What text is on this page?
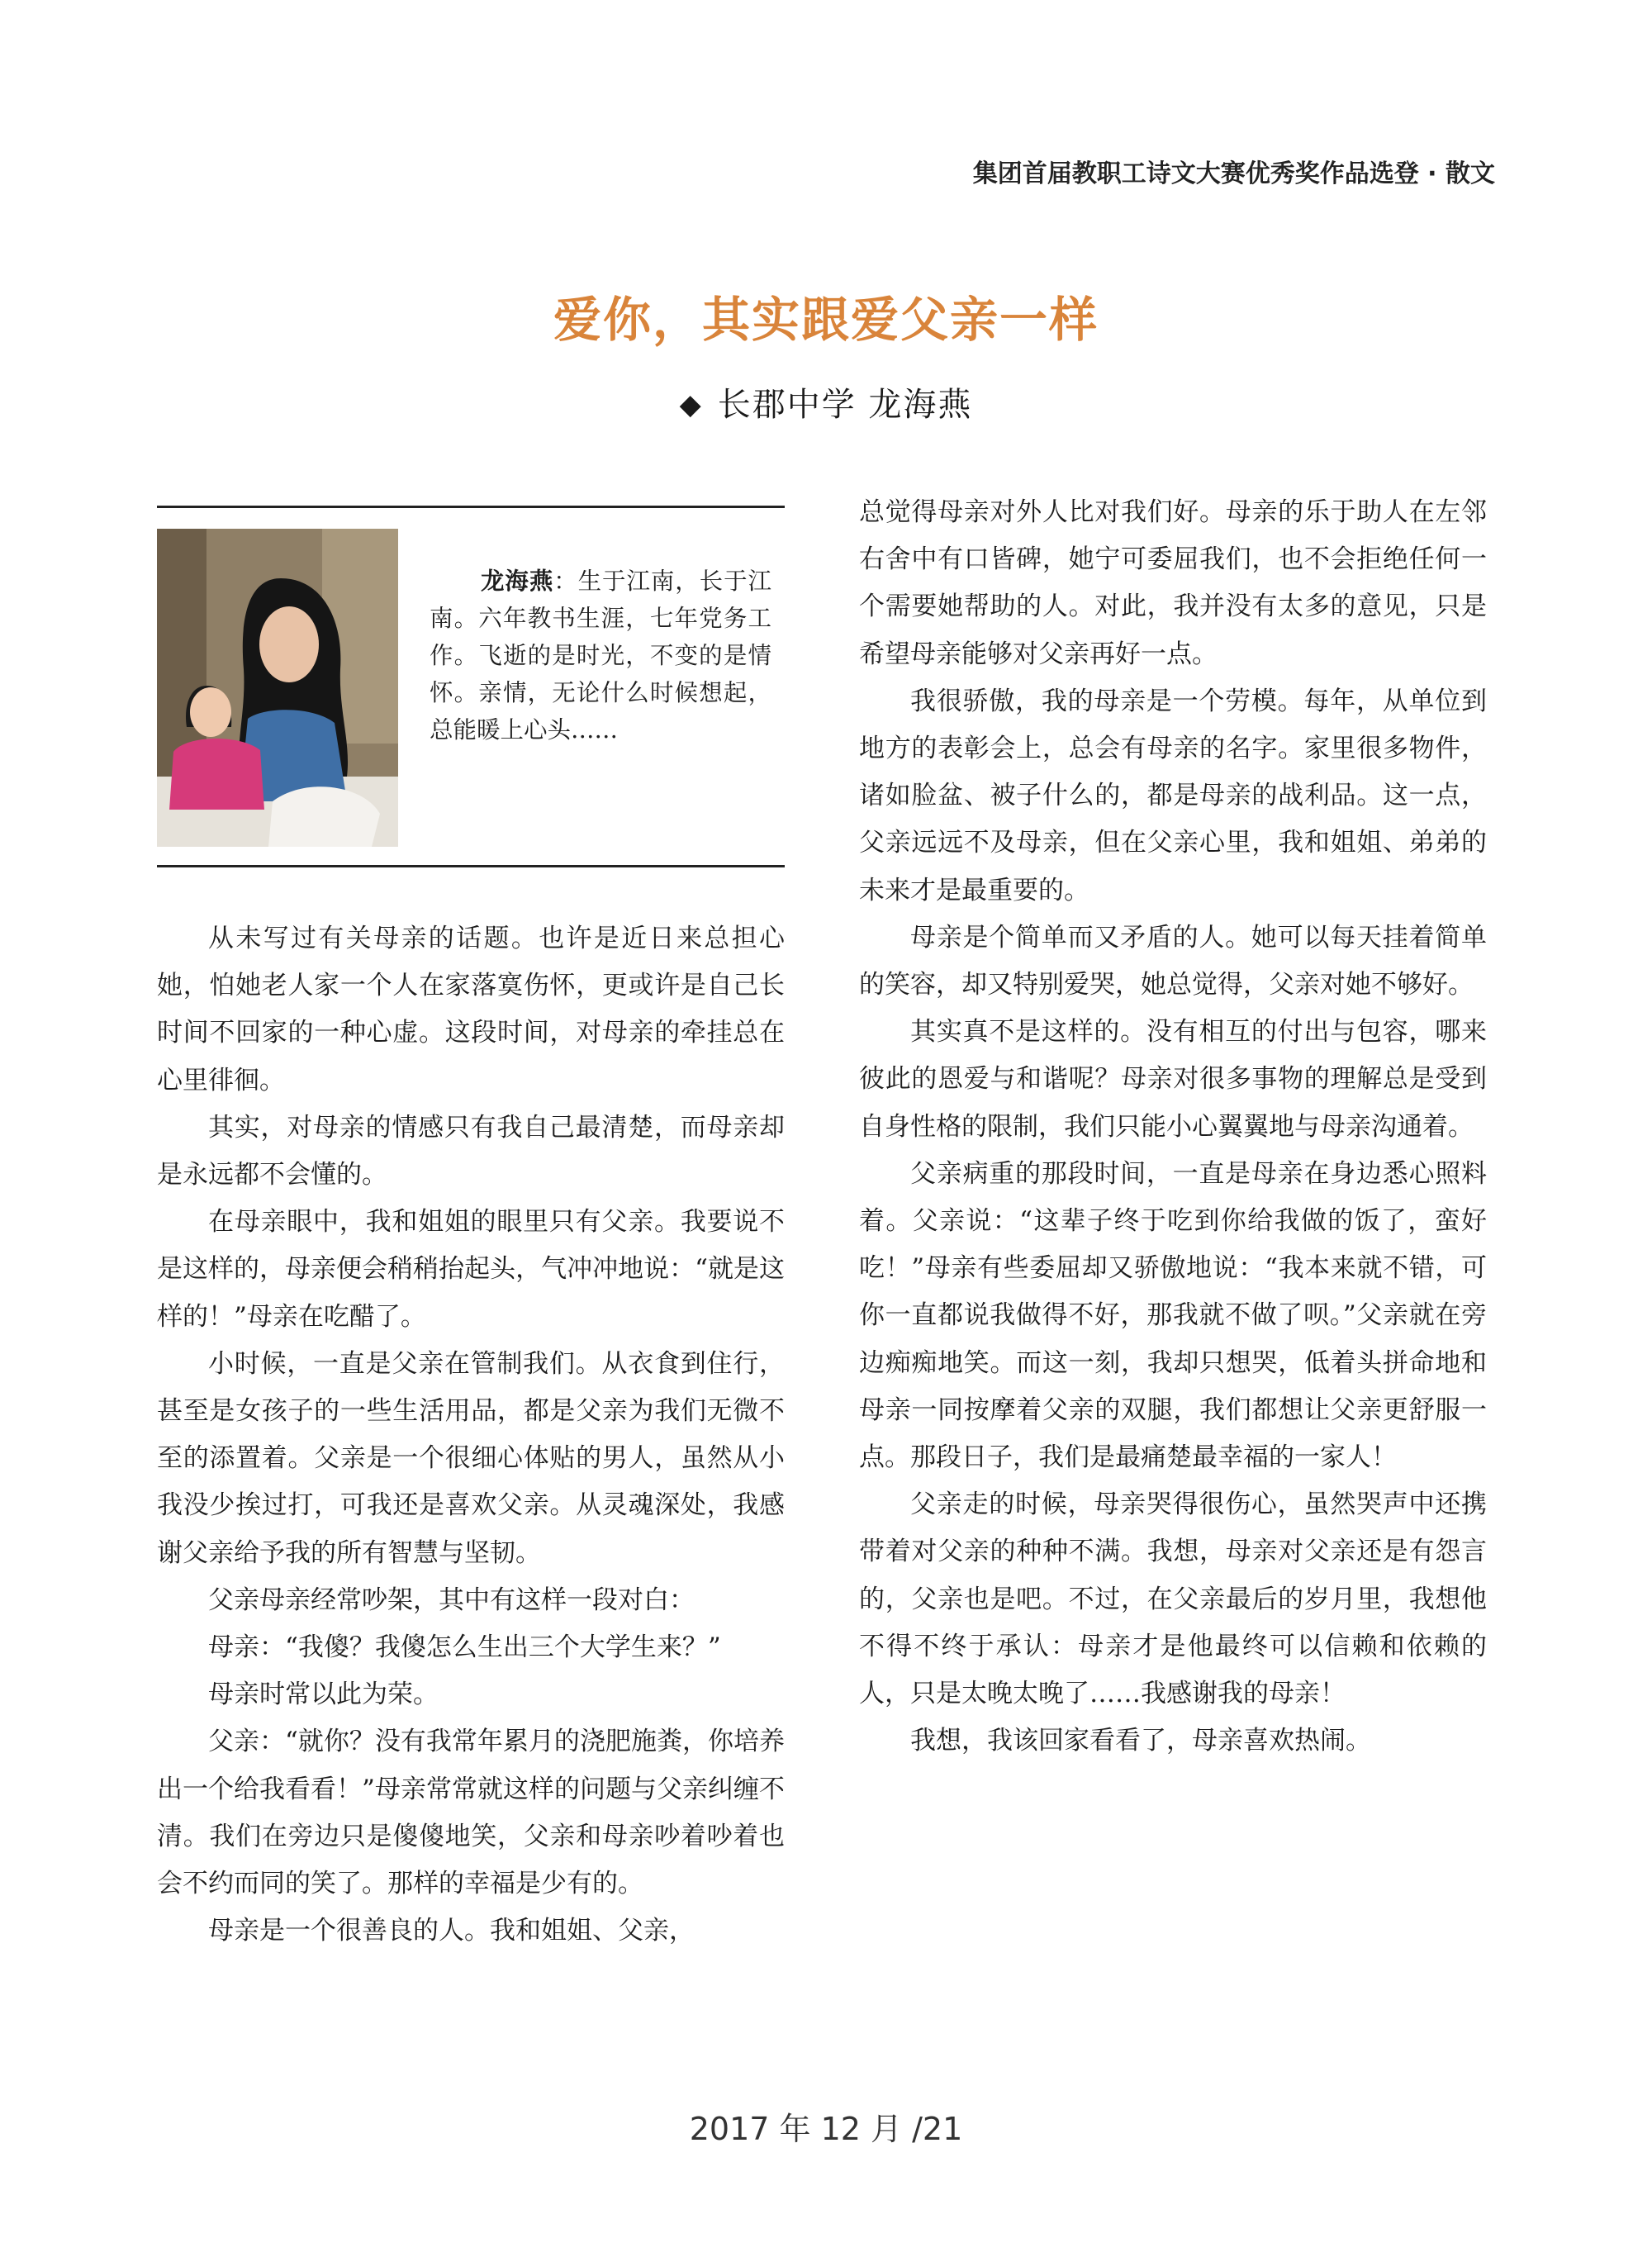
集团首届教职工诗文大赛优秀奖作品选登 · 散文
爱你，其实跟爱父亲一样
◆ 长郡中学 龙海燕
龙海燕：生于江南，长于江南。六年教书生涯，七年党务工作。飞逝的是时光，不变的是情怀。亲情，无论什么时候想起，总能暖上心头……

从未写过有关母亲的话题。也许是近日来总担心她，怕她老人家一个人在家落寞伤怀，更或许是自己长时间不回家的一种心虚。这段时间，对母亲的牵挂总在心里徘徊。

其实，对母亲的情感只有我自己最清楚，而母亲却是永远都不会懂的。

在母亲眼中，我和姐姐的眼里只有父亲。我要说不是这样的，母亲便会稍稍抬起头，气冲冲地说：“就是这样的！”母亲在吃醋了。

小时候，一直是父亲在管制我们。从衣食到住行，甚至是女孩子的一些生活用品，都是父亲为我们无微不至的添置着。父亲是一个很细心体贴的男人，虽然从小我没少挨过打，可我还是喜欢父亲。从灵魂深处，我感谢父亲给予我的所有智慧与坚韧。

父亲母亲经常吵架，其中有这样一段对白：

母亲：“我傻？我傻怎么生出三个大学生来？”

母亲时常以此为荣。

父亲：“就你？没有我常年累月的浇肥施粪，你培养出一个给我看看！”母亲常常就这样的问题与父亲纠缠不清。我们在旁边只是傻傻地笑，父亲和母亲吵着吵着也会不约而同的笑了。那样的幸福是少有的。

母亲是一个很善良的人。我和姐姐、父亲，

总觉得母亲对外人比对我们好。母亲的乐于助人在左邻右舍中有口皆碑，她宁可委屈我们，也不会拒绝任何一个需要她帮助的人。对此，我并没有太多的意见，只是希望母亲能够对父亲再好一点。

我很骄傲，我的母亲是一个劳模。每年，从单位到地方的表彰会上，总会有母亲的名字。家里很多物件，诸如脸盆、被子什么的，都是母亲的战利品。这一点，父亲远远不及母亲，但在父亲心里，我和姐姐、弟弟的未来才是最重要的。

母亲是个简单而又矛盾的人。她可以每天挂着简单的笑容，却又特别爱哭，她总觉得，父亲对她不够好。

其实真不是这样的。没有相互的付出与包容，哪来彼此的恩爱与和谐呢？母亲对很多事物的理解总是受到自身性格的限制，我们只能小心翼翼地与母亲沟通着。

父亲病重的那段时间，一直是母亲在身边悉心照料着。父亲说：“这辈子终于吃到你给我做的饭了，蛮好吃！”母亲有些委屈却又骄傲地说：“我本来就不错，可你一直都说我做得不好，那我就不做了呗。”父亲就在旁边痴痴地笑。而这一刻，我却只想哭，低着头拼命地和母亲一同按摩着父亲的双腿，我们都想让父亲更舒服一点。那段日子，我们是最痛楚最幸福的一家人！

父亲走的时候，母亲哭得很伤心，虽然哭声中还携带着对父亲的种种不满。我想，母亲对父亲还是有怨言的，父亲也是吧。不过，在父亲最后的岁月里，我想他不得不终于承认：母亲才是他最终可以信赖和依赖的人，只是太晚太晚了……我感谢我的母亲！

我想，我该回家看看了，母亲喜欢热闹。

2017 年 12 月 /21
